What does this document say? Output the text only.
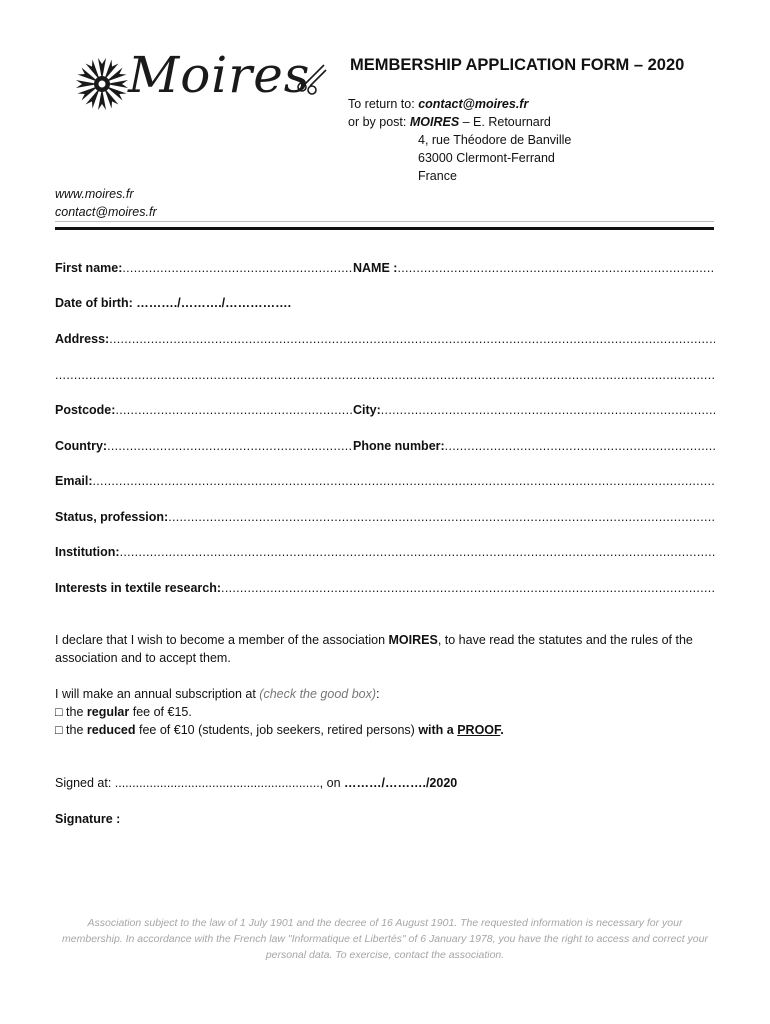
Moires MEMBERSHIP APPLICATION FORM – 2020
To return to: contact@moires.fr
or by post: MOIRES – E. Retournard
4, rue Théodore de Banville
63000 Clermont-Ferrand
France
www.moires.fr
contact@moires.fr
First name: .....	NAME :
.....
Date of birth: ………./………./…………….
Address:
.....
.....
Postcode: .....	City:
.....
Country: .....	Phone number:
.....
Email:
.....
Status, profession:
.....
Institution:
.....
Interests in textile research:
.....
I declare that I wish to become a member of the association MOIRES, to have read the statutes and the rules of the association and to accept them.
I will make an annual subscription at (check the good box):
□ the regular fee of €15.
□ the reduced fee of €10 (students, job seekers, retired persons) with a PROOF.
Signed at: ..........................................................., on ………/………./2020
Signature :
Association subject to the law of 1 July 1901 and the decree of 16 August 1901. The requested information is necessary for your membership. In accordance with the French law "Informatique et Libertés" of 6 January 1978, you have the right to access and correct your personal data. To exercise, contact the association.
